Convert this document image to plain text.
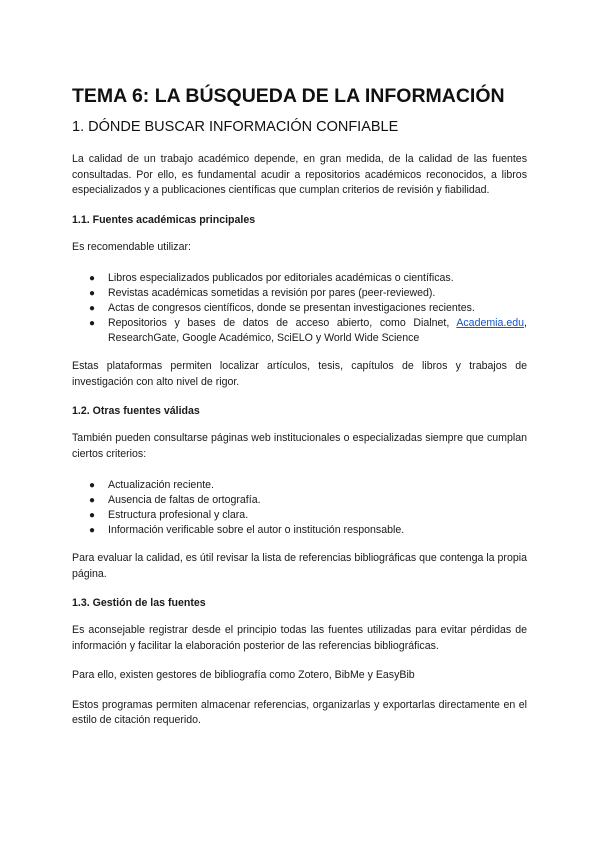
TEMA 6: LA BÚSQUEDA DE LA INFORMACIÓN
1. DÓNDE BUSCAR INFORMACIÓN CONFIABLE

La calidad de un trabajo académico depende, en gran medida, de la calidad de las fuentes consultadas. Por ello, es fundamental acudir a repositorios académicos reconocidos, a libros especializados y a publicaciones científicas que cumplan criterios de revisión y fiabilidad.

1.1. Fuentes académicas principales

Es recomendable utilizar:

● Libros especializados publicados por editoriales académicas o científicas.
● Revistas académicas sometidas a revisión por pares (peer-reviewed).
● Actas de congresos científicos, donde se presentan investigaciones recientes.
● Repositorios y bases de datos de acceso abierto, como Dialnet, Academia.edu, ResearchGate, Google Académico, SciELO y World Wide Science

Estas plataformas permiten localizar artículos, tesis, capítulos de libros y trabajos de investigación con alto nivel de rigor.

1.2. Otras fuentes válidas

También pueden consultarse páginas web institucionales o especializadas siempre que cumplan ciertos criterios:

● Actualización reciente.
● Ausencia de faltas de ortografía.
● Estructura profesional y clara.
● Información verificable sobre el autor o institución responsable.

Para evaluar la calidad, es útil revisar la lista de referencias bibliográficas que contenga la propia página.

1.3. Gestión de las fuentes

Es aconsejable registrar desde el principio todas las fuentes utilizadas para evitar pérdidas de información y facilitar la elaboración posterior de las referencias bibliográficas.

Para ello, existen gestores de bibliografía como Zotero, BibMe y EasyBib

Estos programas permiten almacenar referencias, organizarlas y exportarlas directamente en el estilo de citación requerido.
